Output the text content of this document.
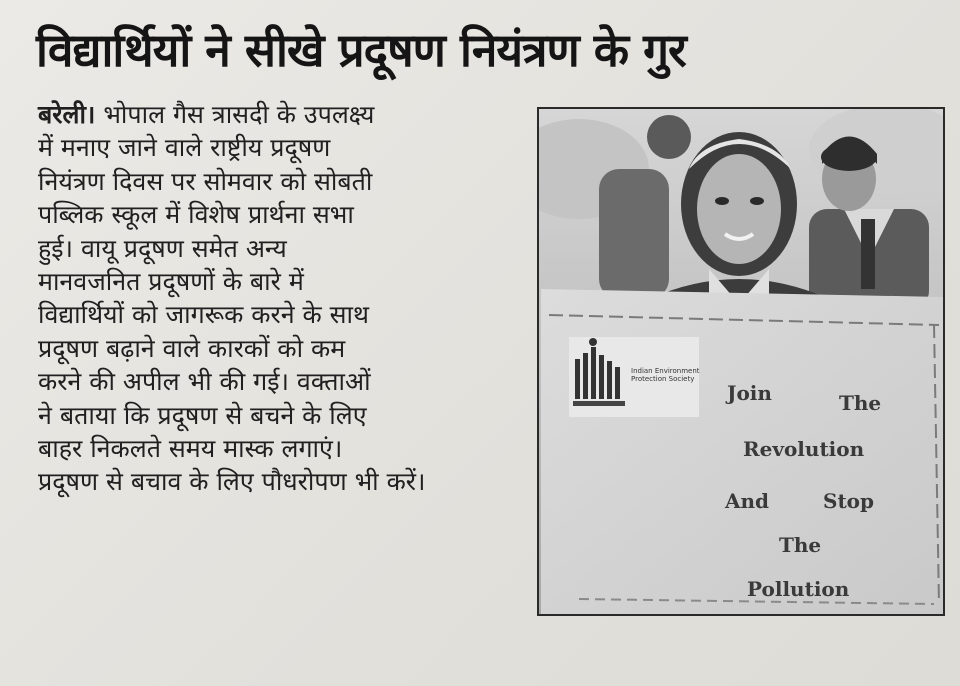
विद्यार्थियों ने सीखे प्रदूषण नियंत्रण के गुर
बरेली। भोपाल गैस त्रासदी के उपलक्ष्य
में मनाए जाने वाले राष्ट्रीय प्रदूषण
नियंत्रण दिवस पर सोमवार को सोबती
पब्लिक स्कूल में विशेष प्रार्थना सभा
हुई। वायू प्रदूषण समेत अन्य
मानवजनित प्रदूषणों के बारे में
विद्यार्थियों को जागरूक करने के साथ
प्रदूषण बढ़ाने वाले कारकों को कम
करने की अपील भी की गई। वक्ताओं
ने बताया कि प्रदूषण से बचने के लिए
बाहर निकलते समय मास्क लगाएं।
प्रदूषण से बचाव के लिए पौधरोपण भी करें।
Indian Environment Protection Society
Join	The
Revolution
And	Stop
The
Pollution
